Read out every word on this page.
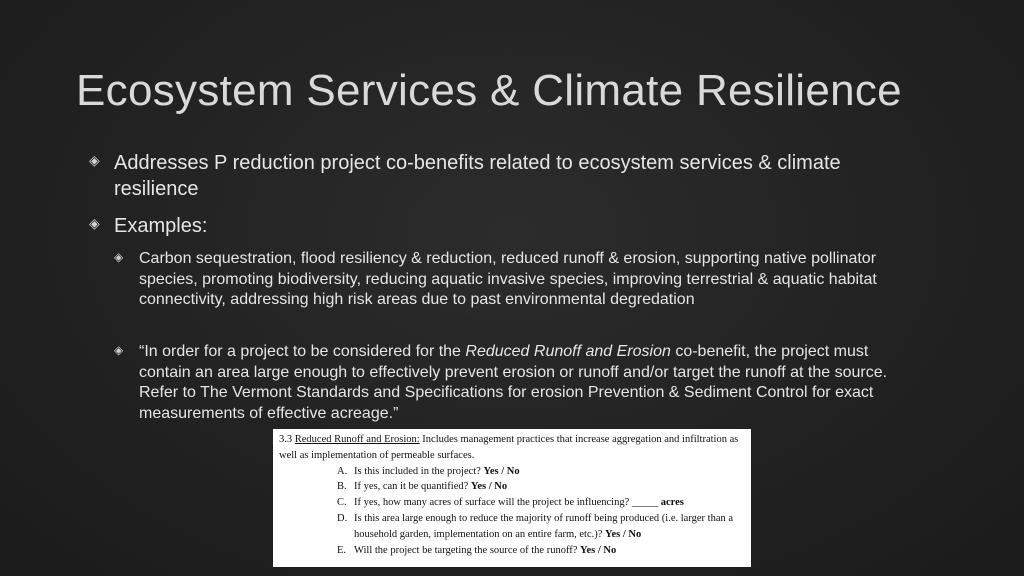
Ecosystem Services & Climate Resilience
◈ Addresses P reduction project co-benefits related to ecosystem services & climate resilience
◈ Examples:
◈ Carbon sequestration, flood resiliency & reduction, reduced runoff & erosion, supporting native pollinator species, promoting biodiversity, reducing aquatic invasive species, improving terrestrial & aquatic habitat connectivity, addressing high risk areas due to past environmental degredation
◈ “In order for a project to be considered for the Reduced Runoff and Erosion co-benefit, the project must contain an area large enough to effectively prevent erosion or runoff and/or target the runoff at the source. Refer to The Vermont Standards and Specifications for erosion Prevention & Sediment Control for exact measurements of effective acreage.”
3.3 Reduced Runoff and Erosion: Includes management practices that increase aggregation and infiltration as well as implementation of permeable surfaces.
A. Is this included in the project? Yes / No
B. If yes, can it be quantified? Yes / No
C. If yes, how many acres of surface will the project be influencing? _____ acres
D. Is this area large enough to reduce the majority of runoff being produced (i.e. larger than a household garden, implementation on an entire farm, etc.)? Yes / No
E. Will the project be targeting the source of the runoff? Yes / No
